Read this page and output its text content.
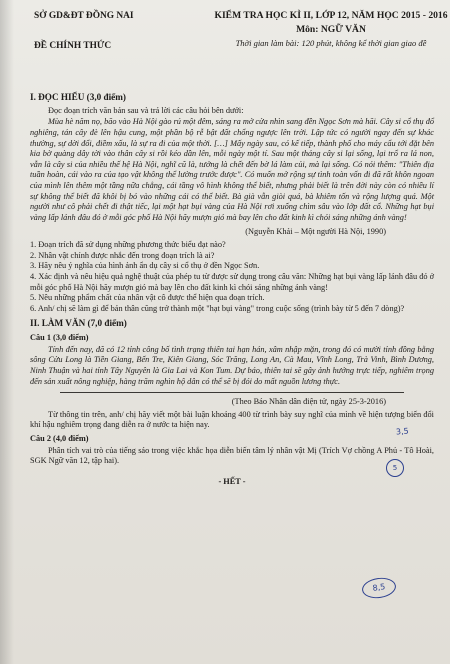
SỞ GD&ĐT ĐỒNG NAI
ĐỀ CHÍNH THỨC
KIỂM TRA HỌC KÌ II, LỚP 12, NĂM HỌC 2015 - 2016
Môn: NGỮ VĂN
Thời gian làm bài: 120 phút, không kể thời gian giao đề
I. ĐỌC HIỂU (3,0 điểm)

Đọc đoạn trích văn bản sau và trả lời các câu hỏi bên dưới:

Mùa hè năm nọ, bão vào Hà Nội gào rú một đêm, sáng ra mở cửa nhìn sang đền Ngọc Sơn mà hãi. Cây si cổ thụ đổ nghiêng, tán cây đè lên hậu cung, một phần bộ rễ bật đất chổng ngược lên trời. Lập tức có người ngay đến sự khác thường, sự dời đổi, điềm xấu, là sự ra đi của một thời. […] Mấy ngày sau, có kế tiếp, thành phố cho máy cẩu tới đặt bên kia bờ quàng dây tời vào thân cây si rồi kéo dần lên, mỗi ngày một tí. Sau một tháng cây si lại sống, lại trổ ra lá non, vẫn là cây si của nhiều thế hệ Hà Nội, nghĩ cũ là, tướng là chết đến bờ lá làm củi, mà lại sống. Có nói thêm: "Thiên địa tuần hoàn, cái vào ra của tạo vật không thể lường trước được". Có muốn mở rộng sự tình toàn vốn đi đã rất khôn ngoan của mình lên thêm một tầng nữa chẳng, cái tầng vô hình không thể biết, nhưng phải biết là trên đời này còn có nhiều lí sự không thể biết đã khôi bị bó vào những cái có thể biết. Bà già vẫn giòi quá, bà khiêm tốn và rộng lượng quá. Một người như cô phải chết đi thật tiếc, lại một hạt bụi vàng của Hà Nội rơi xuống chìm sâu vào lớp đất cổ. Những hạt bụi vàng lấp lánh đâu đó ở mỗi góc phố Hà Nội hãy mượn gió mà bay lên cho đất kinh kì chói sáng những ánh vàng!

(Nguyễn Khải – Một người Hà Nội, 1990)

1. Đoạn trích đã sử dụng những phương thức biểu đạt nào?

2. Nhân vật chính được nhắc đến trong đoạn trích là ai?

3. Hãy nêu ý nghĩa của hình ảnh ẩn dụ cây si cổ thụ ở đền Ngọc Sơn.

4. Xác định và nêu hiệu quả nghệ thuật của phép tu từ được sử dụng trong câu văn: Những hạt bụi vàng lấp lánh đâu đó ở mỗi góc phố Hà Nội hãy mượn gió mà bay lên cho đất kinh kì chói sáng những ánh vàng!

5. Nêu những phẩm chất của nhân vật cô được thể hiện qua đoạn trích.

6. Anh/ chị sẽ làm gì để bản thân cũng trở thành một "hạt bụi vàng" trong cuộc sống (trình bày từ 5 đến 7 dòng)?

II. LÀM VĂN (7,0 điểm)
Câu 1 (3,0 điểm)

Tính đến nay, đã có 12 tỉnh công bố tình trạng thiên tai hạn hán, xâm nhập mặn, trong đó có mười tỉnh đồng bằng sông Cửu Long là Tiền Giang, Bến Tre, Kiên Giang, Sóc Trăng, Long An, Cà Mau, Vĩnh Long, Trà Vinh, Bình Dương, Ninh Thuận và hai tỉnh Tây Nguyên là Gia Lai và Kon Tum. Dự báo, thiên tai sẽ gây ảnh hưởng trực tiếp, nghiêm trọng đến sản xuất nông nghiệp, hàng trăm nghìn hộ dân có thể sẽ bị đói do mất nguồn lương thực.

(Theo Báo Nhân dân điện tử, ngày 25-3-2016)

Từ thông tin trên, anh/ chị hãy viết một bài luận khoảng 400 từ trình bày suy nghĩ của mình về hiện tượng biến đổi khí hậu nghiêm trọng đang diễn ra ở nước ta hiện nay.

Câu 2 (4,0 điểm)

Phân tích vai trò của tiếng sáo trong việc khắc họa diễn biến tâm lý nhân vật Mị (Trích Vợ chồng A Phủ - Tô Hoài, SGK Ngữ văn 12, tập hai).

- HẾT -
3,5
5
8,5
